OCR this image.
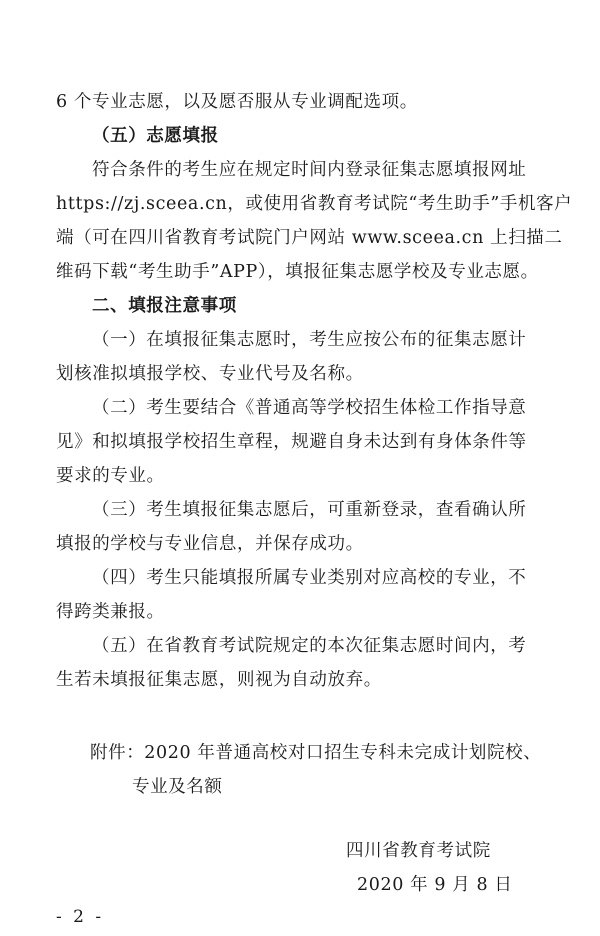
6 个专业志愿，以及愿否服从专业调配选项。
（五）志愿填报
符合条件的考生应在规定时间内登录征集志愿填报网址
https://zj.sceea.cn，或使用省教育考试院“考生助手”手机客户
端（可在四川省教育考试院门户网站 www.sceea.cn 上扫描二
维码下载“考生助手”APP），填报征集志愿学校及专业志愿。
二、填报注意事项
（一）在填报征集志愿时，考生应按公布的征集志愿计
划核准拟填报学校、专业代号及名称。
（二）考生要结合《普通高等学校招生体检工作指导意
见》和拟填报学校招生章程，规避自身未达到有身体条件等
要求的专业。
（三）考生填报征集志愿后，可重新登录，查看确认所
填报的学校与专业信息，并保存成功。
（四）考生只能填报所属专业类别对应高校的专业，不
得跨类兼报。
（五）在省教育考试院规定的本次征集志愿时间内，考
生若未填报征集志愿，则视为自动放弃。
附件：2020 年普通高校对口招生专科未完成计划院校、
专业及名额
四川省教育考试院
2020 年 9 月 8 日
- 2 -
